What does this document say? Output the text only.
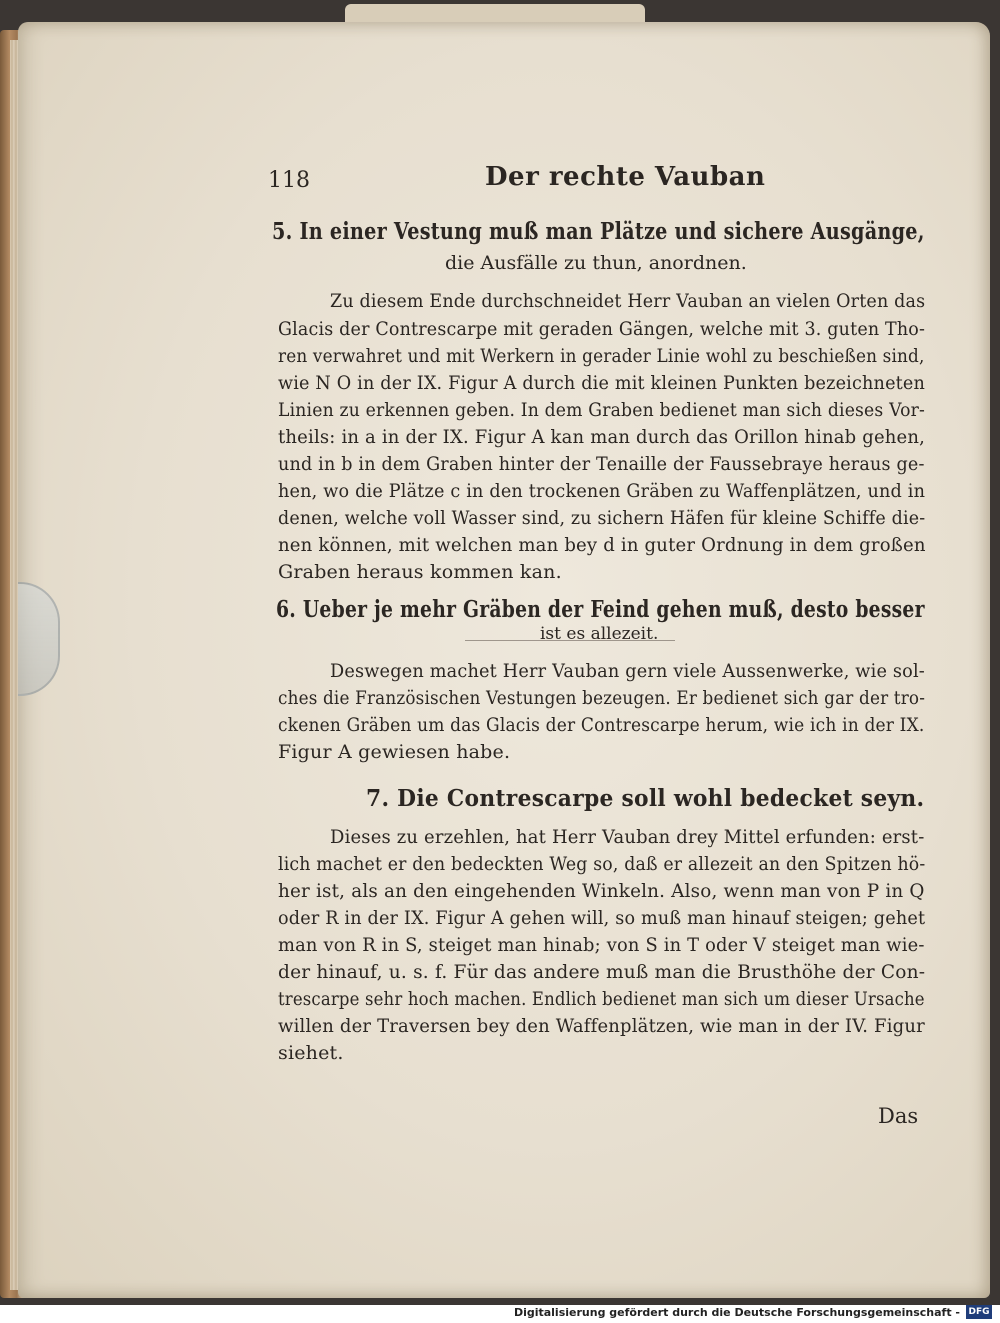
118	Der rechte Vauban
5. In einer Vestung muß man Plätze und sichere Ausgänge,
die Ausfälle zu thun, anordnen.
Zu diesem Ende durchschneidet Herr Vauban an vielen Orten das
Glacis der Contrescarpe mit geraden Gängen, welche mit 3. guten Tho-
ren verwahret und mit Werkern in gerader Linie wohl zu beschießen sind,
wie N O in der IX. Figur A durch die mit kleinen Punkten bezeichneten
Linien zu erkennen geben. In dem Graben bedienet man sich dieses Vor-
theils: in a in der IX. Figur A kan man durch das Orillon hinab gehen,
und in b in dem Graben hinter der Tenaille der Faussebraye heraus ge-
hen, wo die Plätze c in den trockenen Gräben zu Waffenplätzen, und in
denen, welche voll Wasser sind, zu sichern Häfen für kleine Schiffe die-
nen können, mit welchen man bey d in guter Ordnung in dem großen
Graben heraus kommen kan.
6. Ueber je mehr Gräben der Feind gehen muß, desto besser
ist es allezeit.
Deswegen machet Herr Vauban gern viele Aussenwerke, wie sol-
ches die Französischen Vestungen bezeugen. Er bedienet sich gar der tro-
ckenen Gräben um das Glacis der Contrescarpe herum, wie ich in der IX.
Figur A gewiesen habe.
7. Die Contrescarpe soll wohl bedecket seyn.
Dieses zu erzehlen, hat Herr Vauban drey Mittel erfunden: erst-
lich machet er den bedeckten Weg so, daß er allezeit an den Spitzen hö-
her ist, als an den eingehenden Winkeln. Also, wenn man von P in Q
oder R in der IX. Figur A gehen will, so muß man hinauf steigen; gehet
man von R in S, steiget man hinab; von S in T oder V steiget man wie-
der hinauf, u. s. f. Für das andere muß man die Brusthöhe der Con-
trescarpe sehr hoch machen. Endlich bedienet man sich um dieser Ursache
willen der Traversen bey den Waffenplätzen, wie man in der IV. Figur
siehet.
Das
Digitalisierung gefördert durch die Deutsche Forschungsgemeinschaft - DFG
